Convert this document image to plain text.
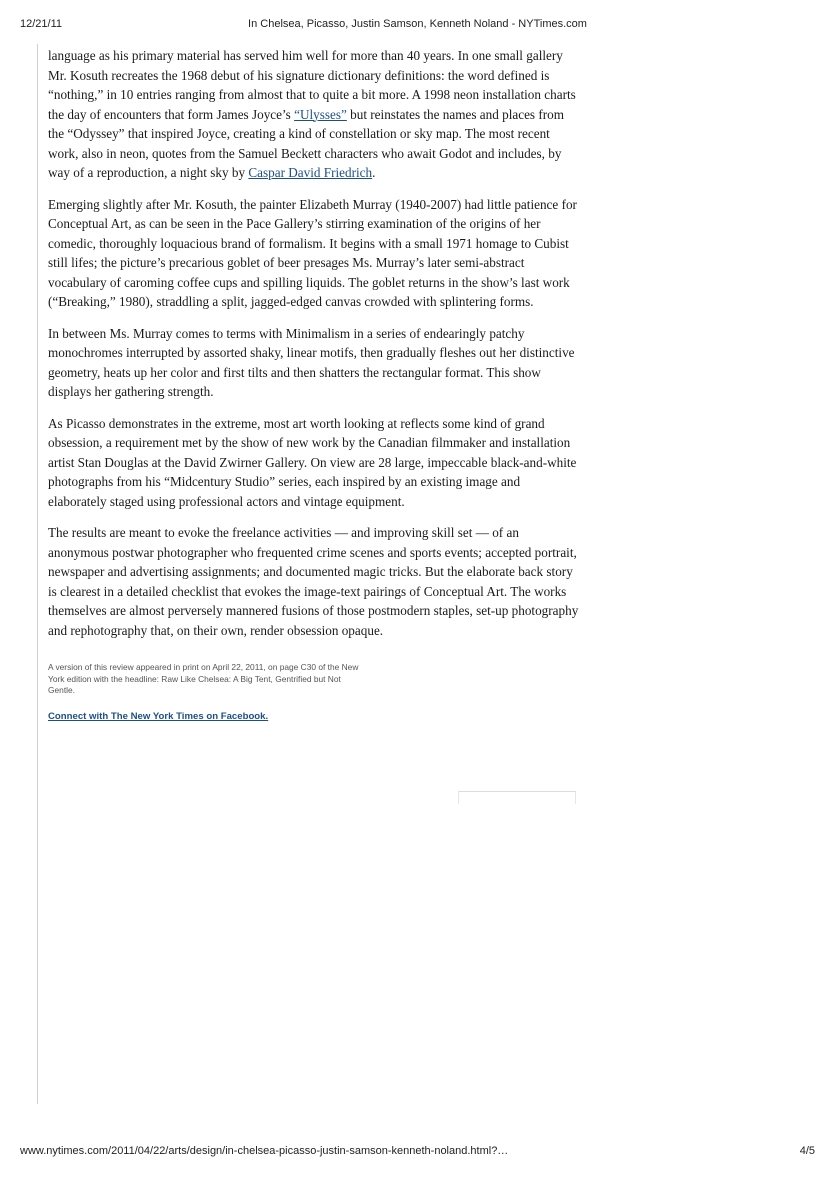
12/21/11	In Chelsea, Picasso, Justin Samson, Kenneth Noland - NYTimes.com

language as his primary material has served him well for more than 40 years. In one small gallery Mr. Kosuth recreates the 1968 debut of his signature dictionary definitions: the word defined is “nothing,” in 10 entries ranging from almost that to quite a bit more. A 1998 neon installation charts the day of encounters that form James Joyce’s “Ulysses” but reinstates the names and places from the “Odyssey” that inspired Joyce, creating a kind of constellation or sky map. The most recent work, also in neon, quotes from the Samuel Beckett characters who await Godot and includes, by way of a reproduction, a night sky by Caspar David Friedrich.

Emerging slightly after Mr. Kosuth, the painter Elizabeth Murray (1940-2007) had little patience for Conceptual Art, as can be seen in the Pace Gallery’s stirring examination of the origins of her comedic, thoroughly loquacious brand of formalism. It begins with a small 1971 homage to Cubist still lifes; the picture’s precarious goblet of beer presages Ms. Murray’s later semi-abstract vocabulary of caroming coffee cups and spilling liquids. The goblet returns in the show’s last work (“Breaking,” 1980), straddling a split, jagged-edged canvas crowded with splintering forms.

In between Ms. Murray comes to terms with Minimalism in a series of endearingly patchy monochromes interrupted by assorted shaky, linear motifs, then gradually fleshes out her distinctive geometry, heats up her color and first tilts and then shatters the rectangular format. This show displays her gathering strength.

As Picasso demonstrates in the extreme, most art worth looking at reflects some kind of grand obsession, a requirement met by the show of new work by the Canadian filmmaker and installation artist Stan Douglas at the David Zwirner Gallery. On view are 28 large, impeccable black-and-white photographs from his “Midcentury Studio” series, each inspired by an existing image and elaborately staged using professional actors and vintage equipment.

The results are meant to evoke the freelance activities — and improving skill set — of an anonymous postwar photographer who frequented crime scenes and sports events; accepted portrait, newspaper and advertising assignments; and documented magic tricks. But the elaborate back story is clearest in a detailed checklist that evokes the image-text pairings of Conceptual Art. The works themselves are almost perversely mannered fusions of those postmodern staples, set-up photography and rephotography that, on their own, render obsession opaque.

A version of this review appeared in print on April 22, 2011, on page C30 of the New York edition with the headline: Raw Like Chelsea: A Big Tent, Gentrified but Not Gentle.
Connect with The New York Times on Facebook.
www.nytimes.com/2011/04/22/arts/design/in-chelsea-picasso-justin-samson-kenneth-noland.html?…	4/5
